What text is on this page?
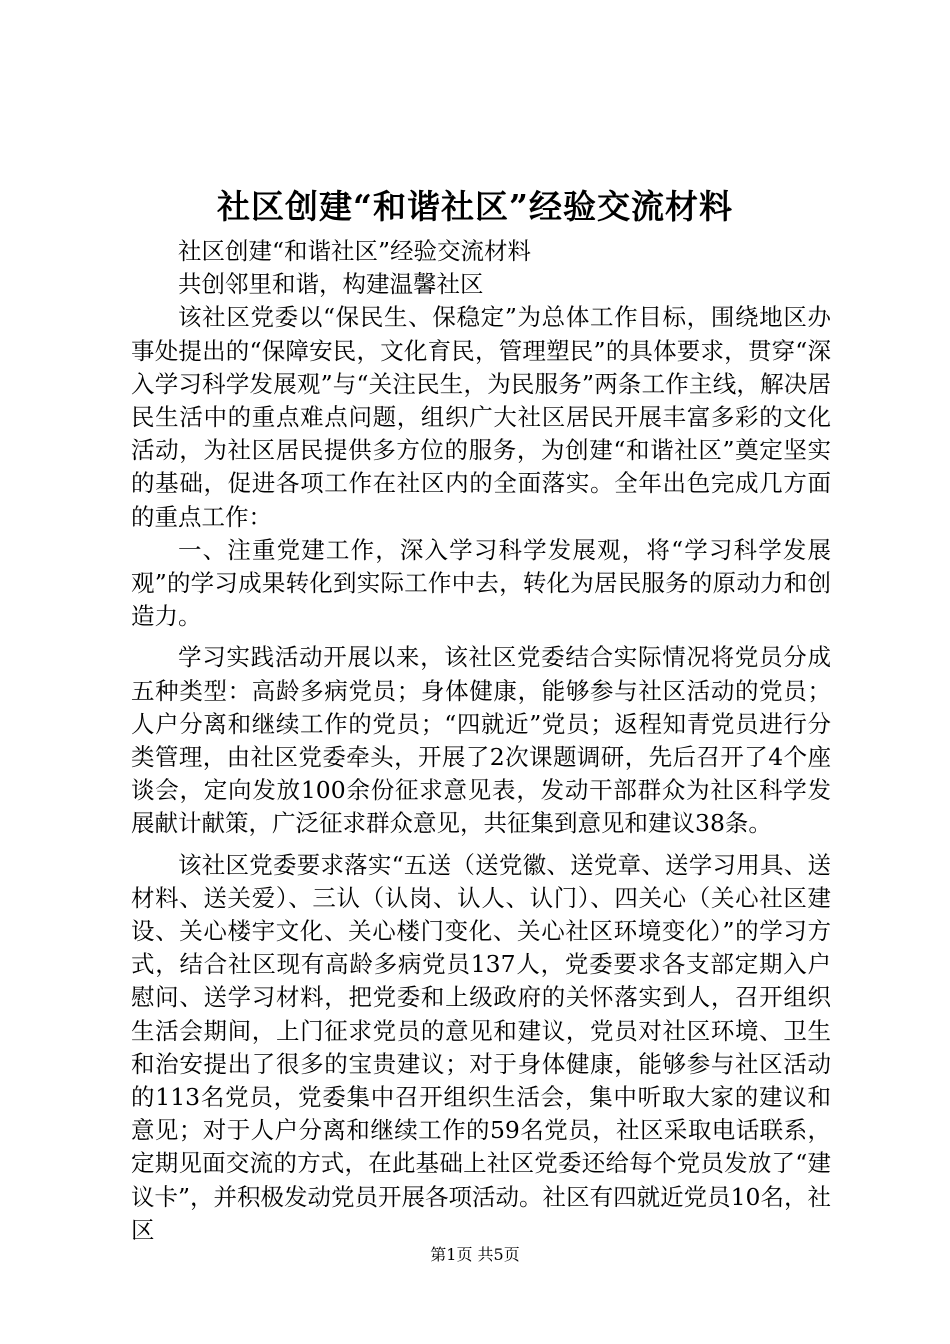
社区创建“和谐社区”经验交流材料

社区创建“和谐社区”经验交流材料

共创邻里和谐，构建温馨社区

该社区党委以“保民生、保稳定”为总体工作目标，围绕地区办事处提出的“保障安民，文化育民，管理塑民”的具体要求，贯穿“深入学习科学发展观”与“关注民生，为民服务”两条工作主线，解决居民生活中的重点难点问题，组织广大社区居民开展丰富多彩的文化活动，为社区居民提供多方位的服务，为创建“和谐社区”奠定坚实的基础，促进各项工作在社区内的全面落实。全年出色完成几方面的重点工作：

一、注重党建工作，深入学习科学发展观，将“学习科学发展观”的学习成果转化到实际工作中去，转化为居民服务的原动力和创造力。

学习实践活动开展以来，该社区党委结合实际情况将党员分成五种类型：高龄多病党员；身体健康，能够参与社区活动的党员；人户分离和继续工作的党员；“四就近”党员；返程知青党员进行分类管理，由社区党委牵头，开展了2次课题调研，先后召开了4个座谈会，定向发放100余份征求意见表，发动干部群众为社区科学发展献计献策，广泛征求群众意见，共征集到意见和建议38条。

该社区党委要求落实“五送（送党徽、送党章、送学习用具、送材料、送关爱）、三认（认岗、认人、认门）、四关心（关心社区建设、关心楼宇文化、关心楼门变化、关心社区环境变化）”的学习方式，结合社区现有高龄多病党员137人，党委要求各支部定期入户慰问、送学习材料，把党委和上级政府的关怀落实到人，召开组织生活会期间，上门征求党员的意见和建议，党员对社区环境、卫生和治安提出了很多的宝贵建议；对于身体健康，能够参与社区活动的113名党员，党委集中召开组织生活会，集中听取大家的建议和意见；对于人户分离和继续工作的59名党员，社区采取电话联系，定期见面交流的方式，在此基础上社区党委还给每个党员发放了“建议卡”，并积极发动党员开展各项活动。社区有四就近党员10名，社区

第1页 共5页
